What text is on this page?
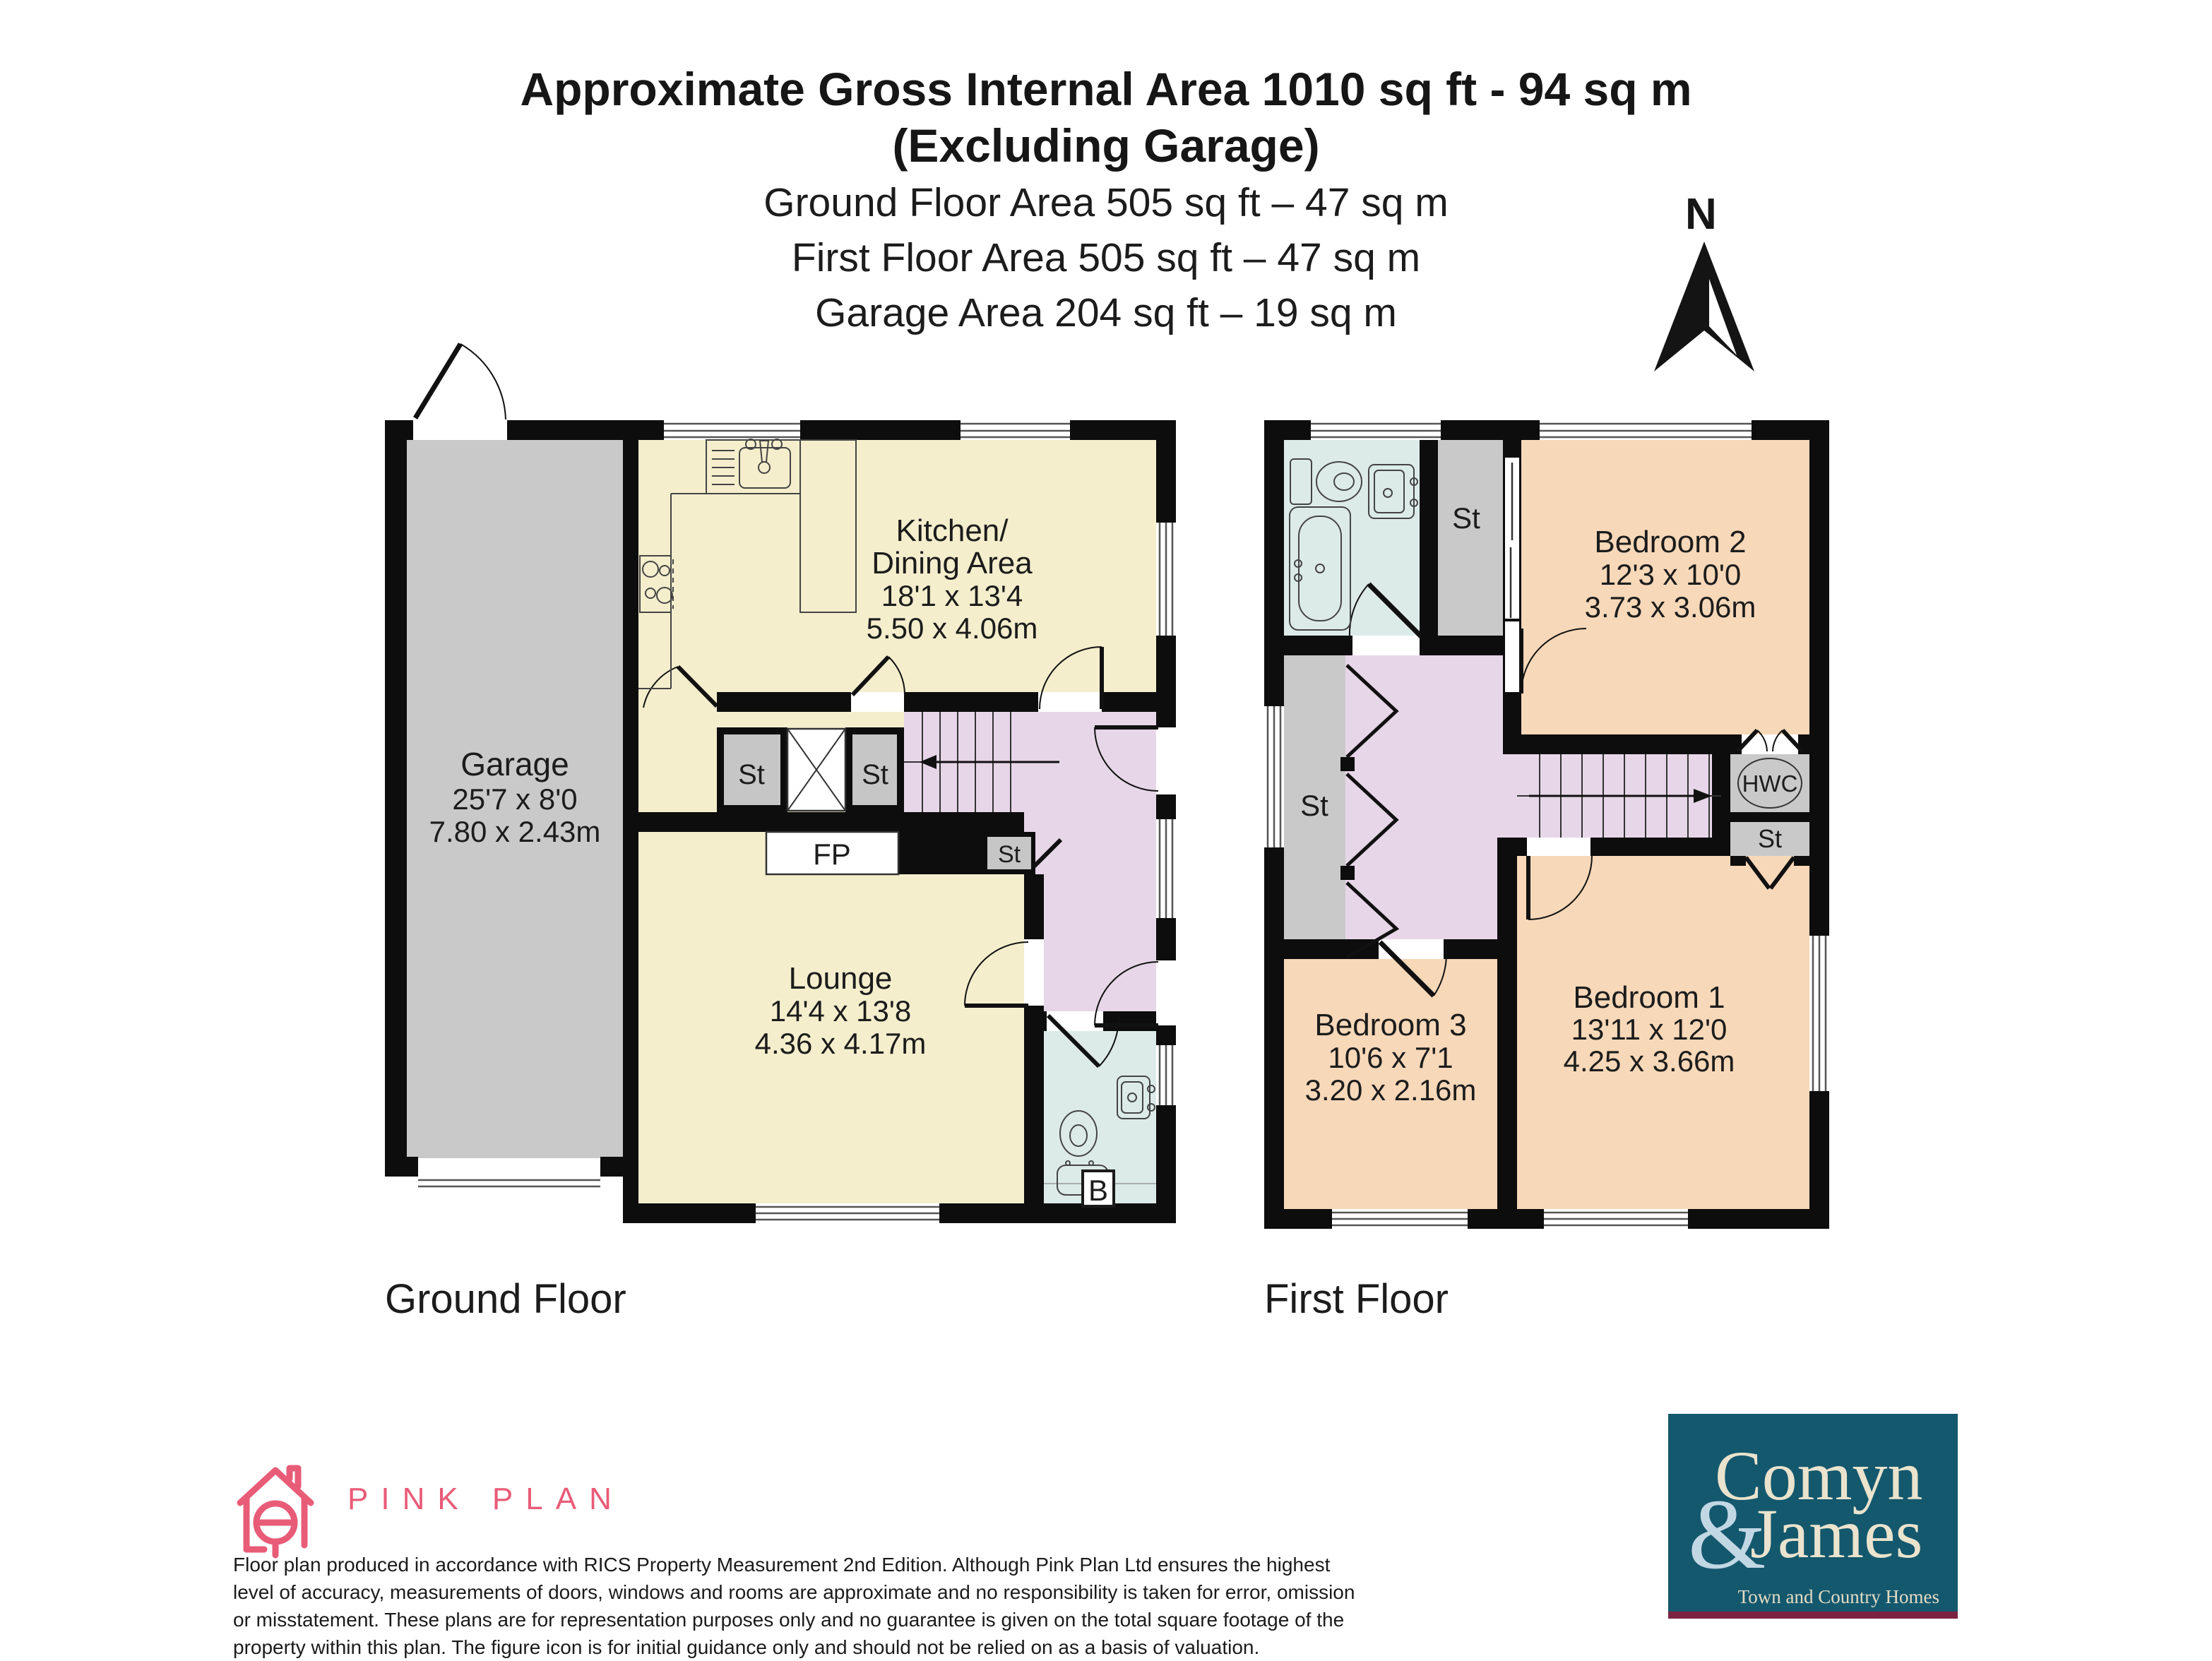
Approximate Gross Internal Area 1010 sq ft - 94 sq m
(Excluding Garage)
Ground Floor Area 505 sq ft – 47 sq m
First Floor Area 505 sq ft – 47 sq m
Garage Area 204 sq ft – 19 sq m
N
B
Garage
25'7 x 8'0
7.80 x 2.43m
Kitchen/
Dining Area
18'1 x 13'4
5.50 x 4.06m
Lounge
14'4 x 13'8
4.36 x 4.17m
St	St
St
FP
HWC
Bedroom 2
12'3 x 10'0
3.73 x 3.06m
Bedroom 1
13'11 x 12'0
4.25 x 3.66m
Bedroom 3
10'6 x 7'1
3.20 x 2.16m
St
St
St
Ground Floor	First Floor
PINK PLAN
Floor plan produced in accordance with RICS Property Measurement 2nd Edition. Although Pink Plan Ltd ensures the highest
level of accuracy, measurements of doors, windows and rooms are approximate and no responsibility is taken for error, omission
or misstatement. These plans are for representation purposes only and no guarantee is given on the total square footage of the
property within this plan. The figure icon is for initial guidance only and should not be relied on as a basis of valuation.
Comyn
&
James
Town and Country Homes
